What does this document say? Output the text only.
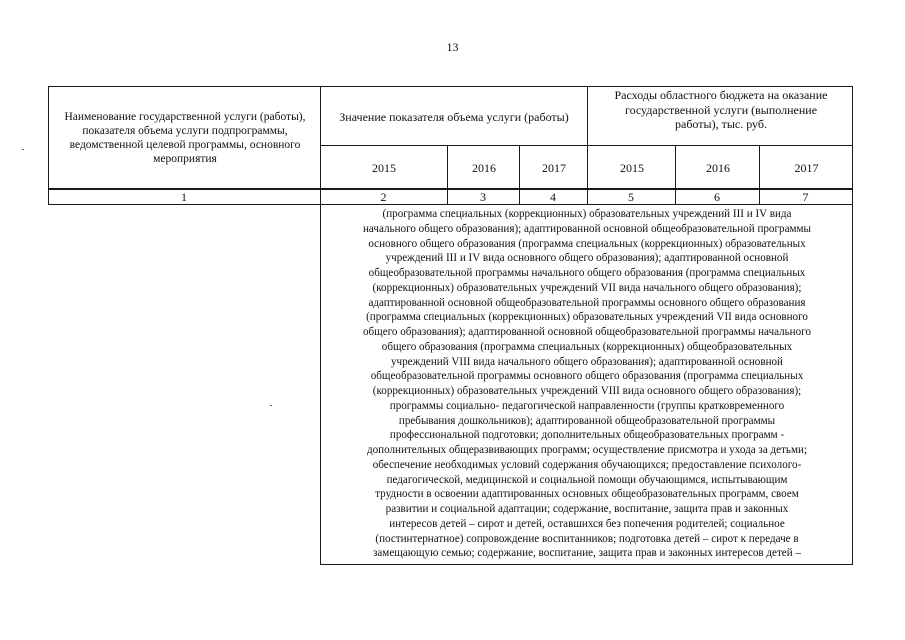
13
Наименование государственной услуги (работы), показателя объема услуги подпрограммы, ведомственной целевой программы, основного мероприятия
Значение показателя объема услуги (работы)
Расходы областного бюджета на оказание государственной услуги (выполнение работы), тыс. руб.
2015	2016	2017	2015	2016	2017
1	2	3	4	5	6	7
(программа специальных (коррекционных) образовательных учреждений III и IV вида
начального общего образования); адаптированной основной общеобразовательной программы
основного общего образования (программа специальных (коррекционных) образовательных
учреждений III и IV вида основного общего образования); адаптированной основной
общеобразовательной программы начального общего образования (программа специальных
(коррекционных) образовательных учреждений VII вида начального общего образования);
адаптированной основной общеобразовательной программы основного общего образования
(программа специальных (коррекционных) образовательных учреждений VII вида основного
общего образования); адаптированной основной общеобразовательной программы начального
общего образования (программа специальных (коррекционных) общеобразовательных
учреждений VIII вида начального общего образования); адаптированной основной
общеобразовательной программы основного общего образования (программа специальных
(коррекционных) образовательных учреждений VIII вида основного общего образования);
программы социально- педагогической направленности (группы кратковременного
пребывания дошкольников); адаптированной общеобразовательной программы
профессиональной подготовки; дополнительных общеобразовательных программ -
дополнительных общеразвивающих программ; осуществление присмотра и ухода за детьми;
обеспечение необходимых условий содержания обучающихся; предоставление психолого-
педагогической, медицинской и социальной помощи обучающимся, испытывающим
трудности в освоении адаптированных основных общеобразовательных программ, своем
развитии и социальной адаптации; содержание, воспитание, защита прав и законных
интересов детей – сирот и детей, оставшихся без попечения родителей; социальное
(постинтернатное) сопровождение воспитанников; подготовка детей – сирот к передаче в
замещающую семью; содержание, воспитание, защита прав и законных интересов детей –
